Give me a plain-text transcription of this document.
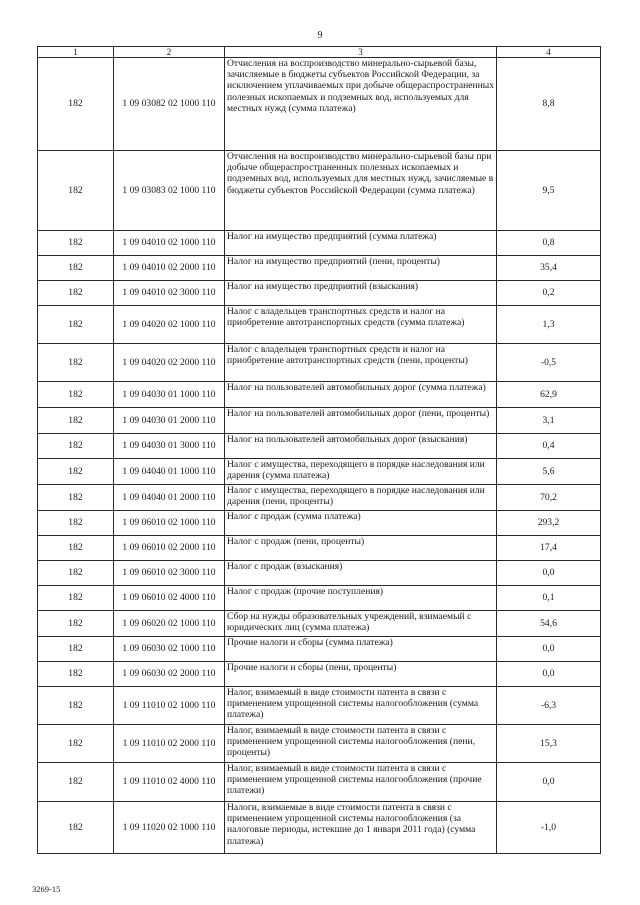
9
1	2	3	4
182	1 09 03082 02 1000 110	Отчисления на воспроизводство минерально-сырьевой базы, зачисляемые в бюджеты субъектов Российской Федерации, за исключением уплачиваемых при добыче общераспространенных полезных ископаемых и подземных вод, используемых для местных нужд (сумма платежа)	8,8
182	1 09 03083 02 1000 110	Отчисления на воспроизводство минерально-сырьевой базы при добыче общераспространенных полезных ископаемых и подземных вод, используемых для местных нужд, зачисляемые в бюджеты субъектов Российской Федерации (сумма платежа)	9,5
182	1 09 04010 02 1000 110	Налог на имущество предприятий (сумма платежа)	0,8
182	1 09 04010 02 2000 110	Налог на имущество предприятий (пени, проценты)	35,4
182	1 09 04010 02 3000 110	Налог на имущество предприятий (взыскания)	0,2
182	1 09 04020 02 1000 110	Налог с владельцев транспортных средств и налог на приобретение автотранспортных средств (сумма платежа)	1,3
182	1 09 04020 02 2000 110	Налог с владельцев транспортных средств и налог на приобретение автотранспортных средств (пени, проценты)	-0,5
182	1 09 04030 01 1000 110	Налог на пользователей автомобильных дорог (сумма платежа)	62,9
182	1 09 04030 01 2000 110	Налог на пользователей автомобильных дорог (пени, проценты)	3,1
182	1 09 04030 01 3000 110	Налог на пользователей автомобильных дорог (взыскания)	0,4
182	1 09 04040 01 1000 110	Налог с имущества, переходящего в порядке наследования или дарения (сумма платежа)	5,6
182	1 09 04040 01 2000 110	Налог с имущества, переходящего в порядке наследования или дарения (пени, проценты)	70,2
182	1 09 06010 02 1000 110	Налог с продаж (сумма платежа)	293,2
182	1 09 06010 02 2000 110	Налог с продаж (пени, проценты)	17,4
182	1 09 06010 02 3000 110	Налог с продаж (взыскания)	0,0
182	1 09 06010 02 4000 110	Налог с продаж (прочие поступления)	0,1
182	1 09 06020 02 1000 110	Сбор на нужды образовательных учреждений, взимаемый с юридических лиц (сумма платежа)	54,6
182	1 09 06030 02 1000 110	Прочие налоги и сборы (сумма платежа)	0,0
182	1 09 06030 02 2000 110	Прочие налоги и сборы (пени, проценты)	0,0
182	1 09 11010 02 1000 110	Налог, взимаемый в виде стоимости патента в связи с применением упрощенной системы налогообложения (сумма платежа)	-6,3
182	1 09 11010 02 2000 110	Налог, взимаемый в виде стоимости патента в связи с применением упрощенной системы налогообложения (пени, проценты)	15,3
182	1 09 11010 02 4000 110	Налог, взимаемый в виде стоимости патента в связи с применением упрощенной системы налогообложения (прочие платежи)	0,0
182	1 09 11020 02 1000 110	Налоги, взимаемые в виде стоимости патента в связи с применением упрощенной системы налогообложения (за налоговые периоды, истекшие до 1 января 2011 года) (сумма платежа)	-1,0
3269-15
